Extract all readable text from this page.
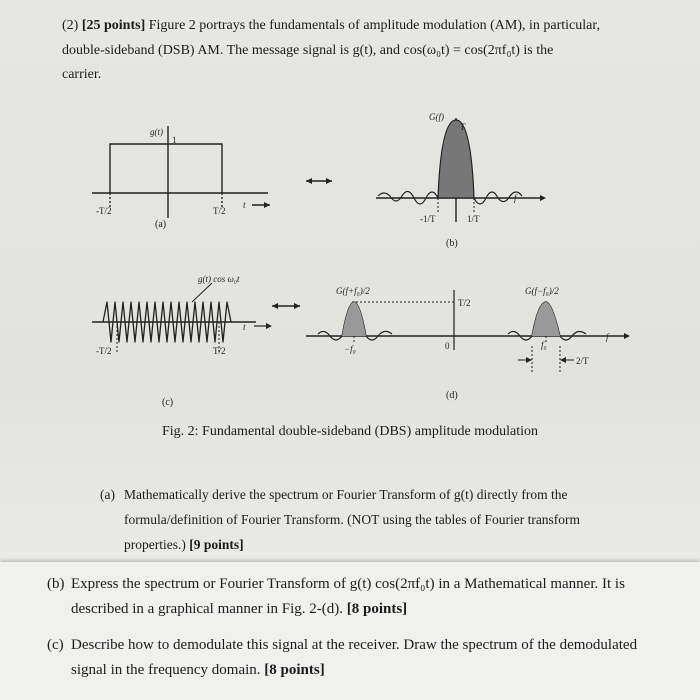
(2) [25 points] Figure 2 portrays the fundamentals of amplitude modulation (AM), in particular,
double-sideband (DSB) AM. The message signal is g(t), and cos(ω₀t) = cos(2πf₀t) is the
carrier.
g(t)
1
-T/2	T/2
t
(a)
G(f)
T
-1/T	1/T
f
(b)
g(t) cos ω₀t
-T/2	T/2
t
(c)
G(f+f₀)/2	G(f−f₀)/2
T/2
0
−f₀	f₀
2/T
f
(d)
Fig. 2: Fundamental double-sideband (DBS) amplitude modulation
(a) Mathematically derive the spectrum or Fourier Transform of g(t) directly from the formula/definition of Fourier Transform. (NOT using the tables of Fourier transform properties.) [9 points]
(b) Express the spectrum or Fourier Transform of g(t) cos(2πf₀t) in a Mathematical manner. It is described in a graphical manner in Fig. 2-(d). [8 points]
(c) Describe how to demodulate this signal at the receiver. Draw the spectrum of the demodulated signal in the frequency domain. [8 points]
